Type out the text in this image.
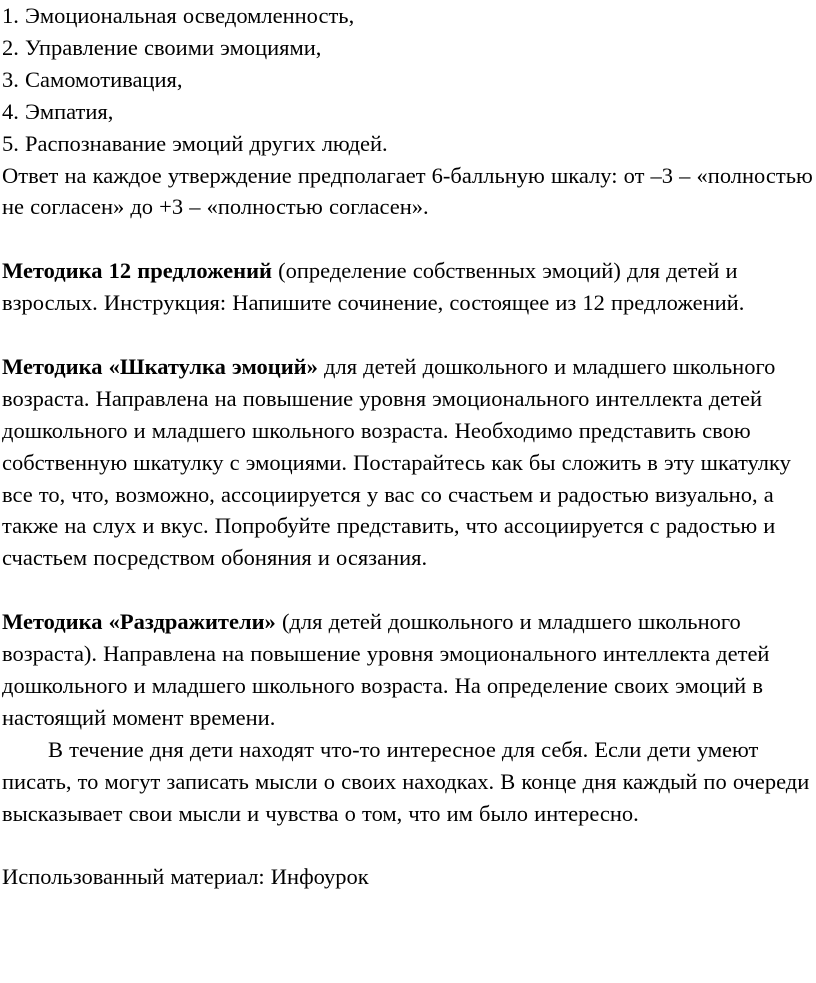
1. Эмоциональная осведомленность,

2. Управление своими эмоциями,

3. Самомотивация,

4. Эмпатия,

5. Распознавание эмоций других людей.

Ответ на каждое утверждение предполагает 6-балльную шкалу: от –3 – «полностью не согласен» до +3 – «полностью согласен».

Методика 12 предложений (определение собственных эмоций) для детей и взрослых. Инструкция: Напишите сочинение, состоящее из 12 предложений.

Методика «Шкатулка эмоций» для детей дошкольного и младшего школьного возраста. Направлена на повышение уровня эмоционального интеллекта детей дошкольного и младшего школьного возраста. Необходимо представить свою собственную шкатулку с эмоциями. Постарайтесь как бы сложить в эту шкатулку все то, что, возможно, ассоциируется у вас со счастьем и радостью визуально, а также на слух и вкус. Попробуйте представить, что ассоциируется с радостью и счастьем посредством обоняния и осязания.

Методика «Раздражители» (для детей дошкольного и младшего школьного возраста). Направлена на повышение уровня эмоционального интеллекта детей дошкольного и младшего школьного возраста. На определение своих эмоций в настоящий момент времени.

В течение дня дети находят что-то интересное для себя. Если дети умеют писать, то могут записать мысли о своих находках. В конце дня каждый по очереди высказывает свои мысли и чувства о том, что им было интересно.

Использованный материал: Инфоурок
